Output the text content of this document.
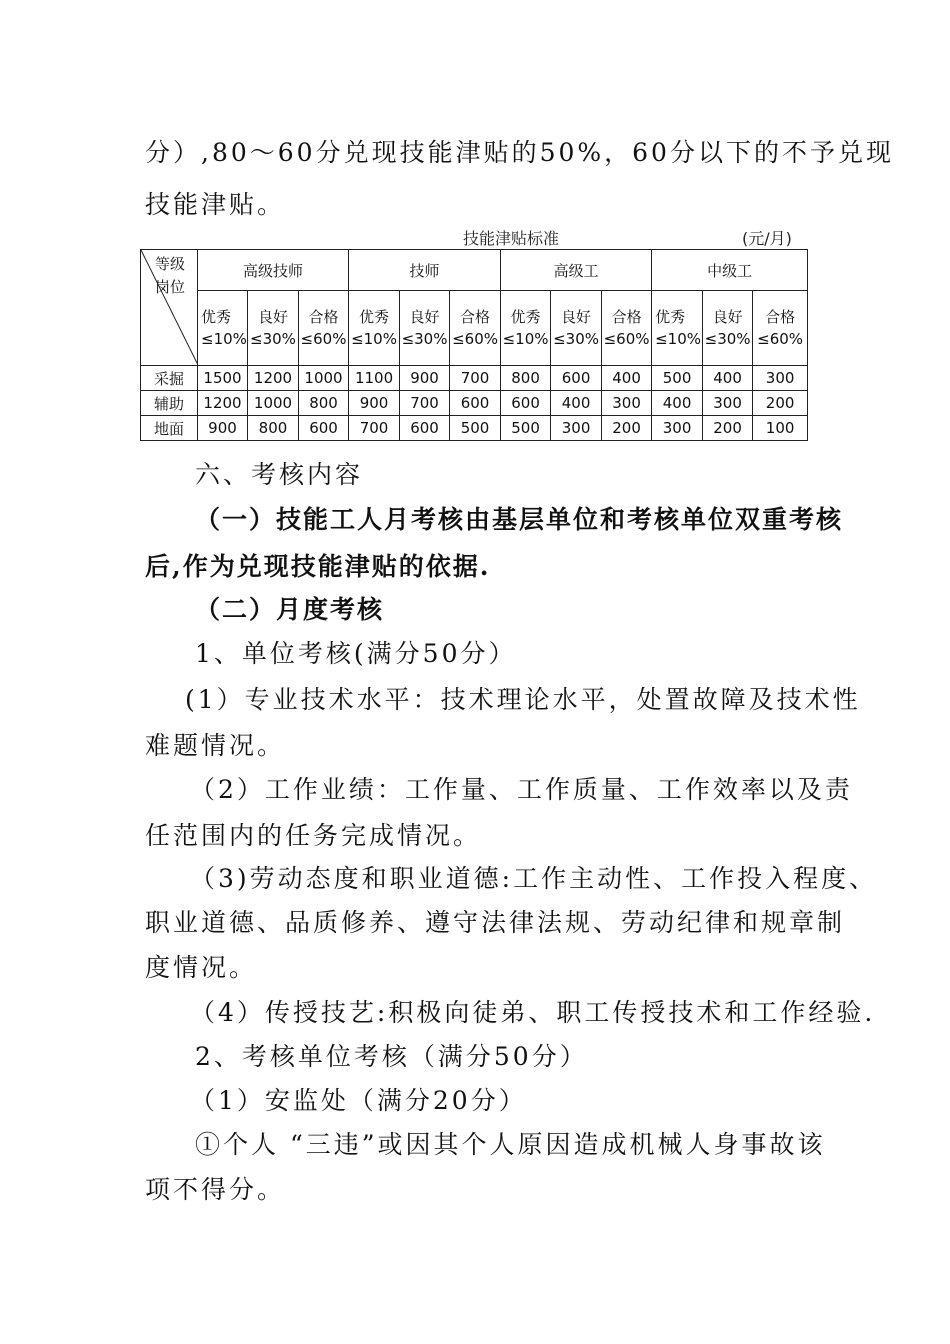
分）,80～60分兑现技能津贴的50%，60分以下的不予兑现
技能津贴。
技能津贴标准	(元/月)
等级
岗位	高级技师			技师			高级工			中级工		
	优秀≤10%	良好≤30%	合格≤60%	优秀≤10%	良好≤30%	合格≤60%	优秀≤10%	良好≤30%	合格≤60%	优秀≤10%	良好≤30%	合格≤60%
采掘	1500	1200	1000	1100	900	700	800	600	400	500	400	300
辅助	1200	1000	800	900	700	600	600	400	300	400	300	200
地面	900	800	600	700	600	500	500	300	200	300	200	100
六、考核内容
（一）技能工人月考核由基层单位和考核单位双重考核
后,作为兑现技能津贴的依据.
（二）月度考核
1、单位考核(满分50分）
(1）专业技术水平：技术理论水平，处置故障及技术性
难题情况。
（2）工作业绩：工作量、工作质量、工作效率以及责
任范围内的任务完成情况。
（3)劳动态度和职业道德:工作主动性、工作投入程度、
职业道德、品质修养、遵守法律法规、劳动纪律和规章制
度情况。
（4）传授技艺:积极向徒弟、职工传授技术和工作经验.
2、考核单位考核（满分50分）
（1）安监处（满分20分）
①个人 “三违”或因其个人原因造成机械人身事故该
项不得分。
